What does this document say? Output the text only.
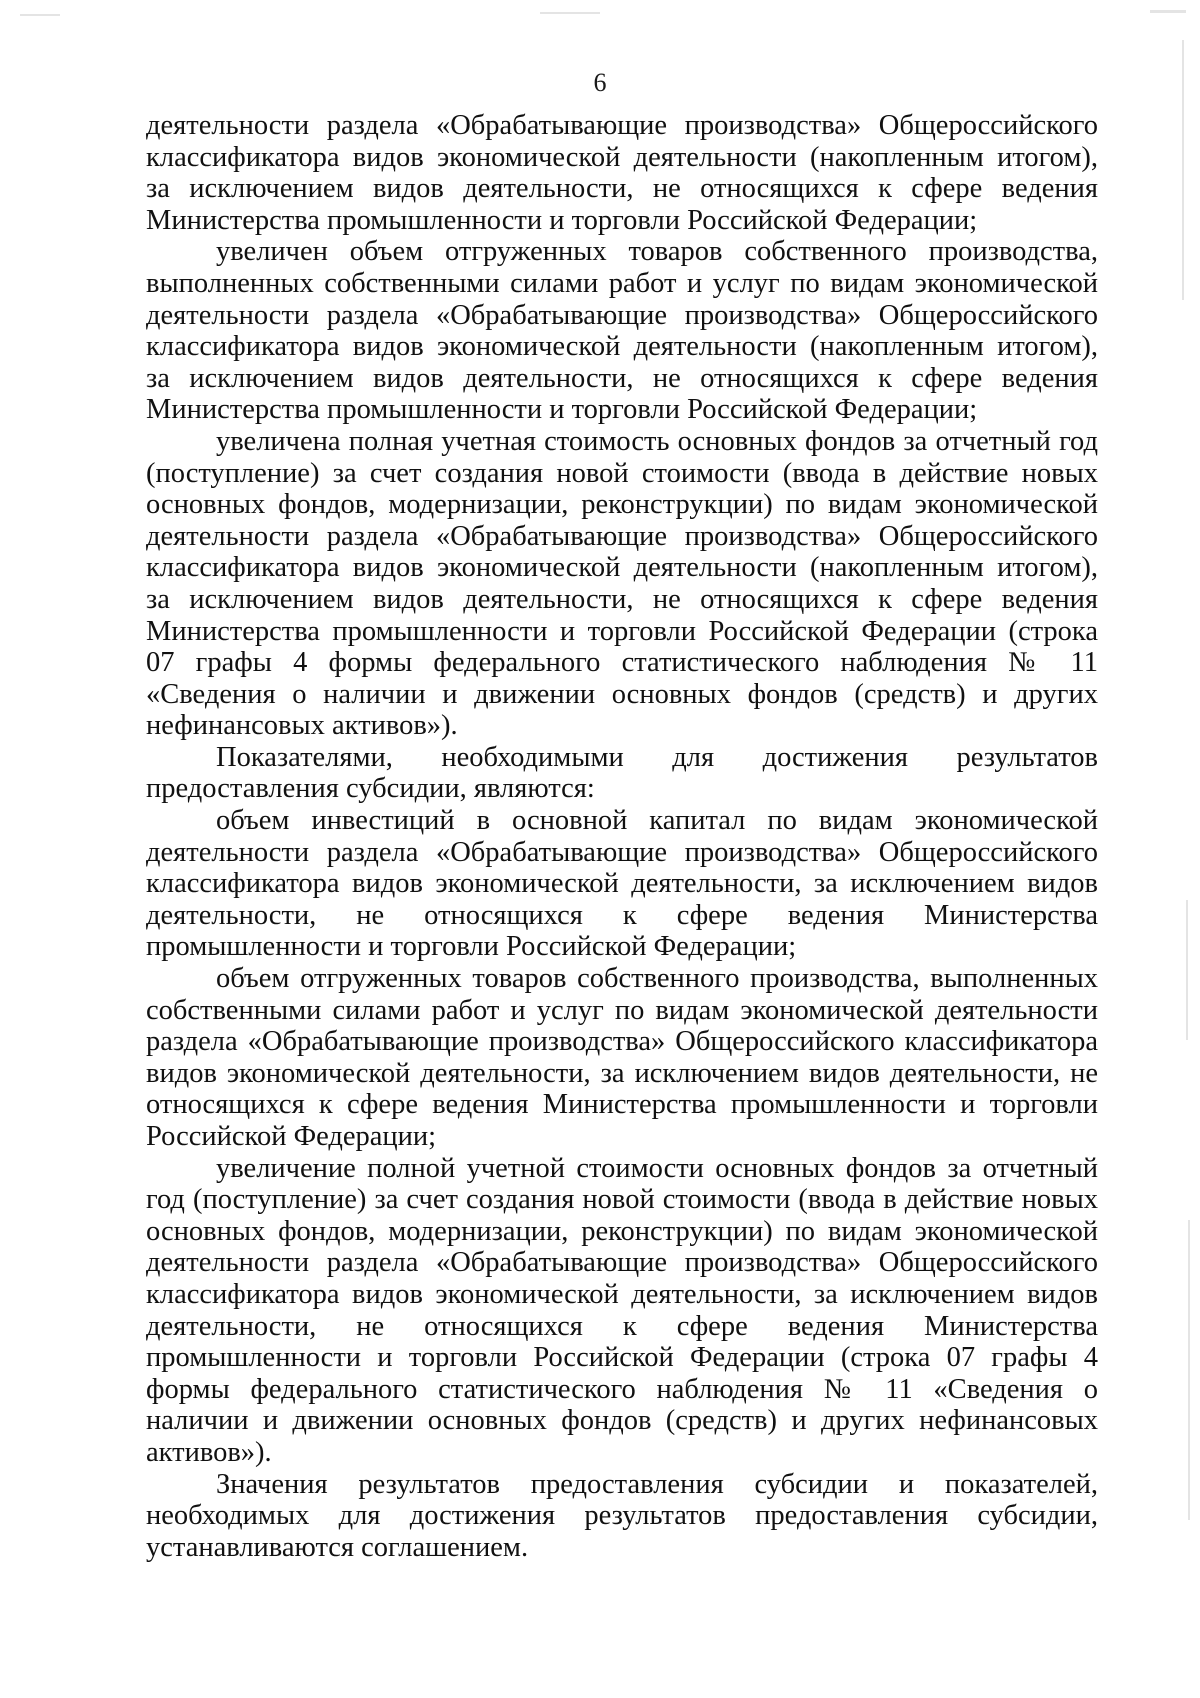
6

деятельности раздела «Обрабатывающие производства» Общероссийского классификатора видов экономической деятельности (накопленным итогом), за исключением видов деятельности, не относящихся к сфере ведения Министерства промышленности и торговли Российской Федерации;

увеличен объем отгруженных товаров собственного производства, выполненных собственными силами работ и услуг по видам экономической деятельности раздела «Обрабатывающие производства» Общероссийского классификатора видов экономической деятельности (накопленным итогом), за исключением видов деятельности, не относящихся к сфере ведения Министерства промышленности и торговли Российской Федерации;

увеличена полная учетная стоимость основных фондов за отчетный год (поступление) за счет создания новой стоимости (ввода в действие новых основных фондов, модернизации, реконструкции) по видам экономической деятельности раздела «Обрабатывающие производства» Общероссийского классификатора видов экономической деятельности (накопленным итогом), за исключением видов деятельности, не относящихся к сфере ведения Министерства промышленности и торговли Российской Федерации (строка 07 графы 4 формы федерального статистического наблюдения № 11 «Сведения о наличии и движении основных фондов (средств) и других нефинансовых активов»).

Показателями, необходимыми для достижения результатов предоставления субсидии, являются:

объем инвестиций в основной капитал по видам экономической деятельности раздела «Обрабатывающие производства» Общероссийского классификатора видов экономической деятельности, за исключением видов деятельности, не относящихся к сфере ведения Министерства промышленности и торговли Российской Федерации;

объем отгруженных товаров собственного производства, выполненных собственными силами работ и услуг по видам экономической деятельности раздела «Обрабатывающие производства» Общероссийского классификатора видов экономической деятельности, за исключением видов деятельности, не относящихся к сфере ведения Министерства промышленности и торговли Российской Федерации;

увеличение полной учетной стоимости основных фондов за отчетный год (поступление) за счет создания новой стоимости (ввода в действие новых основных фондов, модернизации, реконструкции) по видам экономической деятельности раздела «Обрабатывающие производства» Общероссийского классификатора видов экономической деятельности, за исключением видов деятельности, не относящихся к сфере ведения Министерства промышленности и торговли Российской Федерации (строка 07 графы 4 формы федерального статистического наблюдения № 11 «Сведения о наличии и движении основных фондов (средств) и других нефинансовых активов»).

Значения результатов предоставления субсидии и показателей, необходимых для достижения результатов предоставления субсидии, устанавливаются соглашением.
